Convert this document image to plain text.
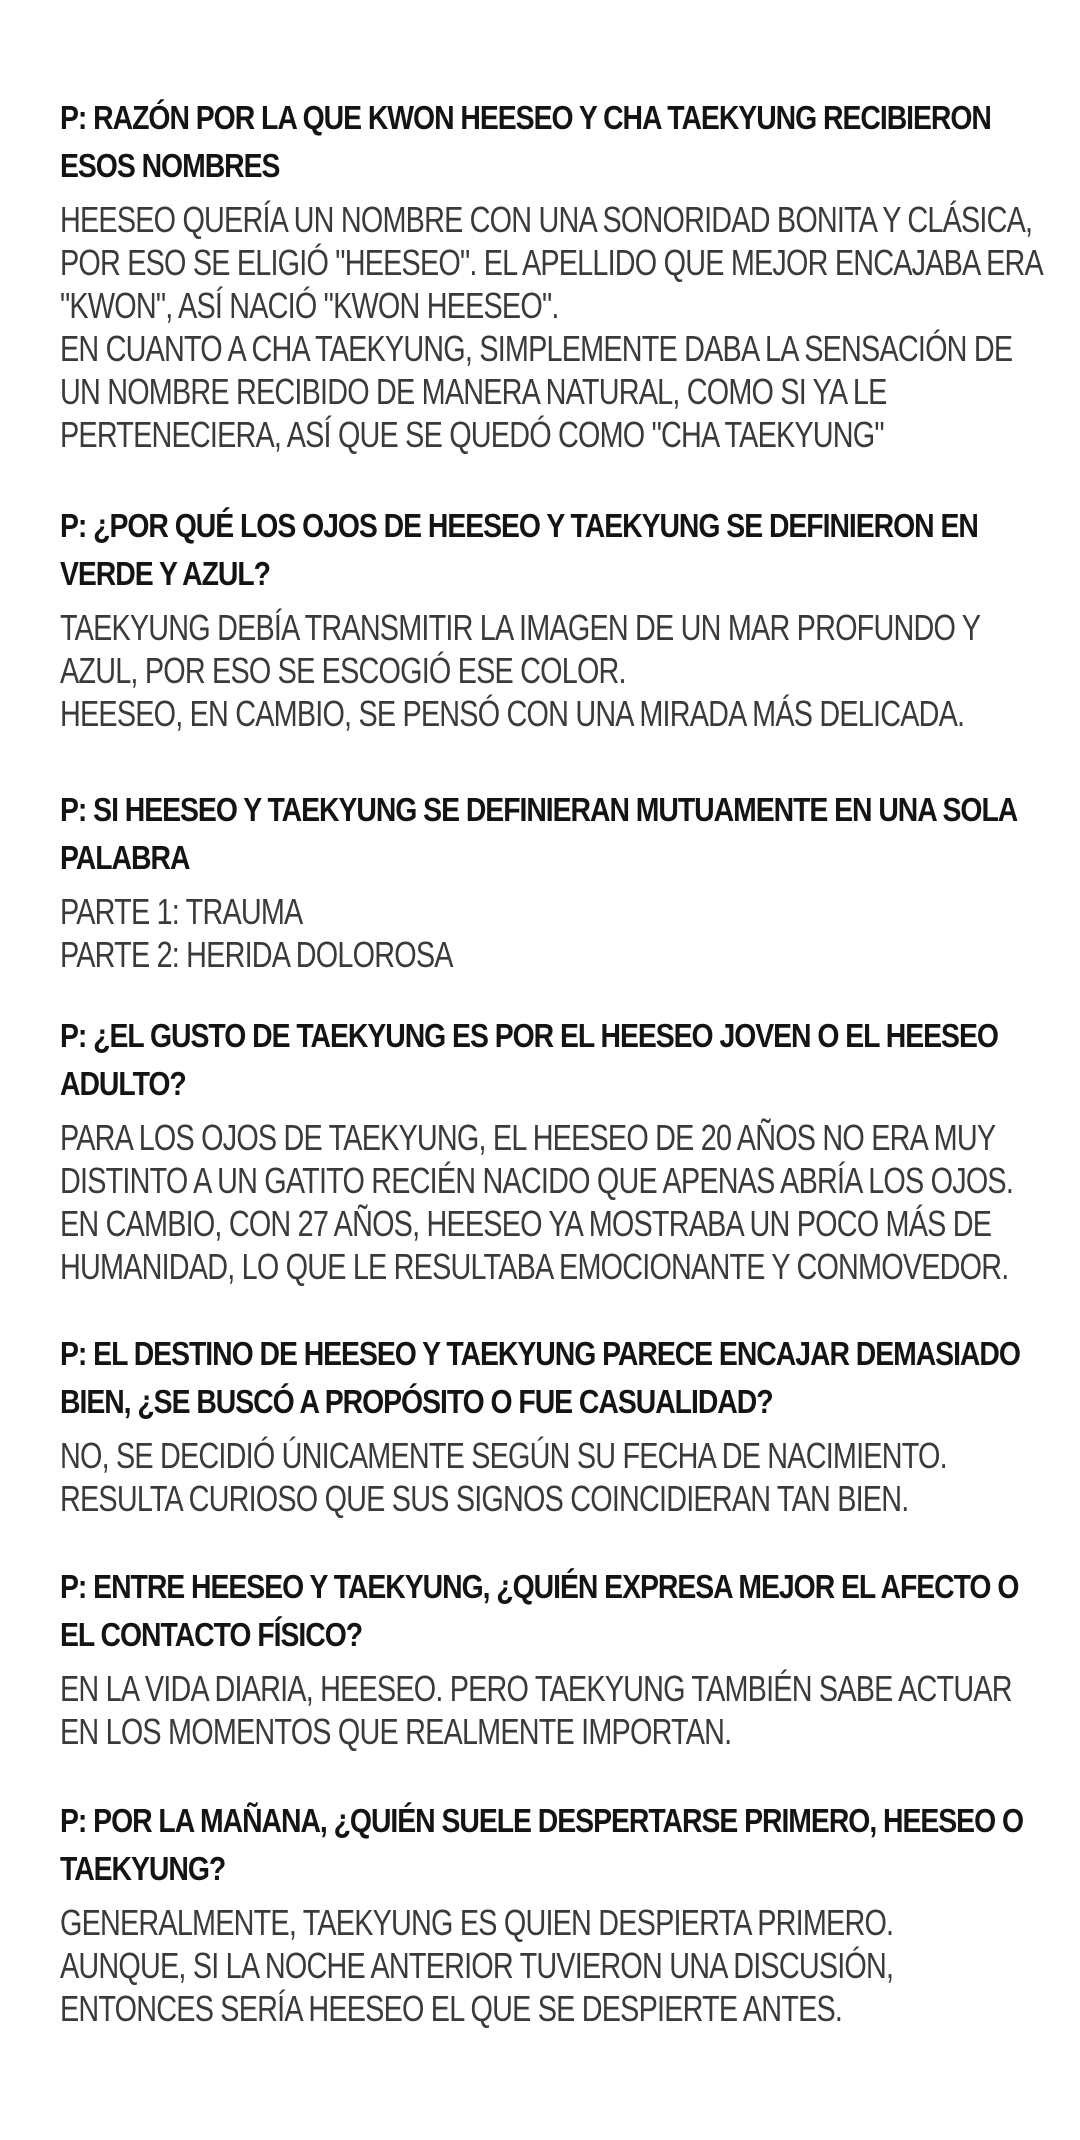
P: RAZÓN POR LA QUE KWON HEESEO Y CHA TAEKYUNG RECIBIERON ESOS NOMBRES
HEESEO QUERÍA UN NOMBRE CON UNA SONORIDAD BONITA Y CLÁSICA,
POR ESO SE ELIGIÓ "HEESEO". EL APELLIDO QUE MEJOR ENCAJABA ERA
"KWON", ASÍ NACIÓ "KWON HEESEO".
EN CUANTO A CHA TAEKYUNG, SIMPLEMENTE DABA LA SENSACIÓN DE
UN NOMBRE RECIBIDO DE MANERA NATURAL, COMO SI YA LE
PERTENECIERA, ASÍ QUE SE QUEDÓ COMO "CHA TAEKYUNG"
P: ¿POR QUÉ LOS OJOS DE HEESEO Y TAEKYUNG SE DEFINIERON EN VERDE Y AZUL?
TAEKYUNG DEBÍA TRANSMITIR LA IMAGEN DE UN MAR PROFUNDO Y
AZUL, POR ESO SE ESCOGIÓ ESE COLOR.
HEESEO, EN CAMBIO, SE PENSÓ CON UNA MIRADA MÁS DELICADA.
P: SI HEESEO Y TAEKYUNG SE DEFINIERAN MUTUAMENTE EN UNA SOLA PALABRA
PARTE 1: TRAUMA
PARTE 2: HERIDA DOLOROSA
P: ¿EL GUSTO DE TAEKYUNG ES POR EL HEESEO JOVEN O EL HEESEO ADULTO?
PARA LOS OJOS DE TAEKYUNG, EL HEESEO DE 20 AÑOS NO ERA MUY
DISTINTO A UN GATITO RECIÉN NACIDO QUE APENAS ABRÍA LOS OJOS.
EN CAMBIO, CON 27 AÑOS, HEESEO YA MOSTRABA UN POCO MÁS DE
HUMANIDAD, LO QUE LE RESULTABA EMOCIONANTE Y CONMOVEDOR.
P: EL DESTINO DE HEESEO Y TAEKYUNG PARECE ENCAJAR DEMASIADO BIEN, ¿SE BUSCÓ A PROPÓSITO O FUE CASUALIDAD?
NO, SE DECIDIÓ ÚNICAMENTE SEGÚN SU FECHA DE NACIMIENTO.
RESULTA CURIOSO QUE SUS SIGNOS COINCIDIERAN TAN BIEN.
P: ENTRE HEESEO Y TAEKYUNG, ¿QUIÉN EXPRESA MEJOR EL AFECTO O EL CONTACTO FÍSICO?
EN LA VIDA DIARIA, HEESEO. PERO TAEKYUNG TAMBIÉN SABE ACTUAR
EN LOS MOMENTOS QUE REALMENTE IMPORTAN.
P: POR LA MAÑANA, ¿QUIÉN SUELE DESPERTARSE PRIMERO, HEESEO O TAEKYUNG?
GENERALMENTE, TAEKYUNG ES QUIEN DESPIERTA PRIMERO.
AUNQUE, SI LA NOCHE ANTERIOR TUVIERON UNA DISCUSIÓN,
ENTONCES SERÍA HEESEO EL QUE SE DESPIERTE ANTES.
